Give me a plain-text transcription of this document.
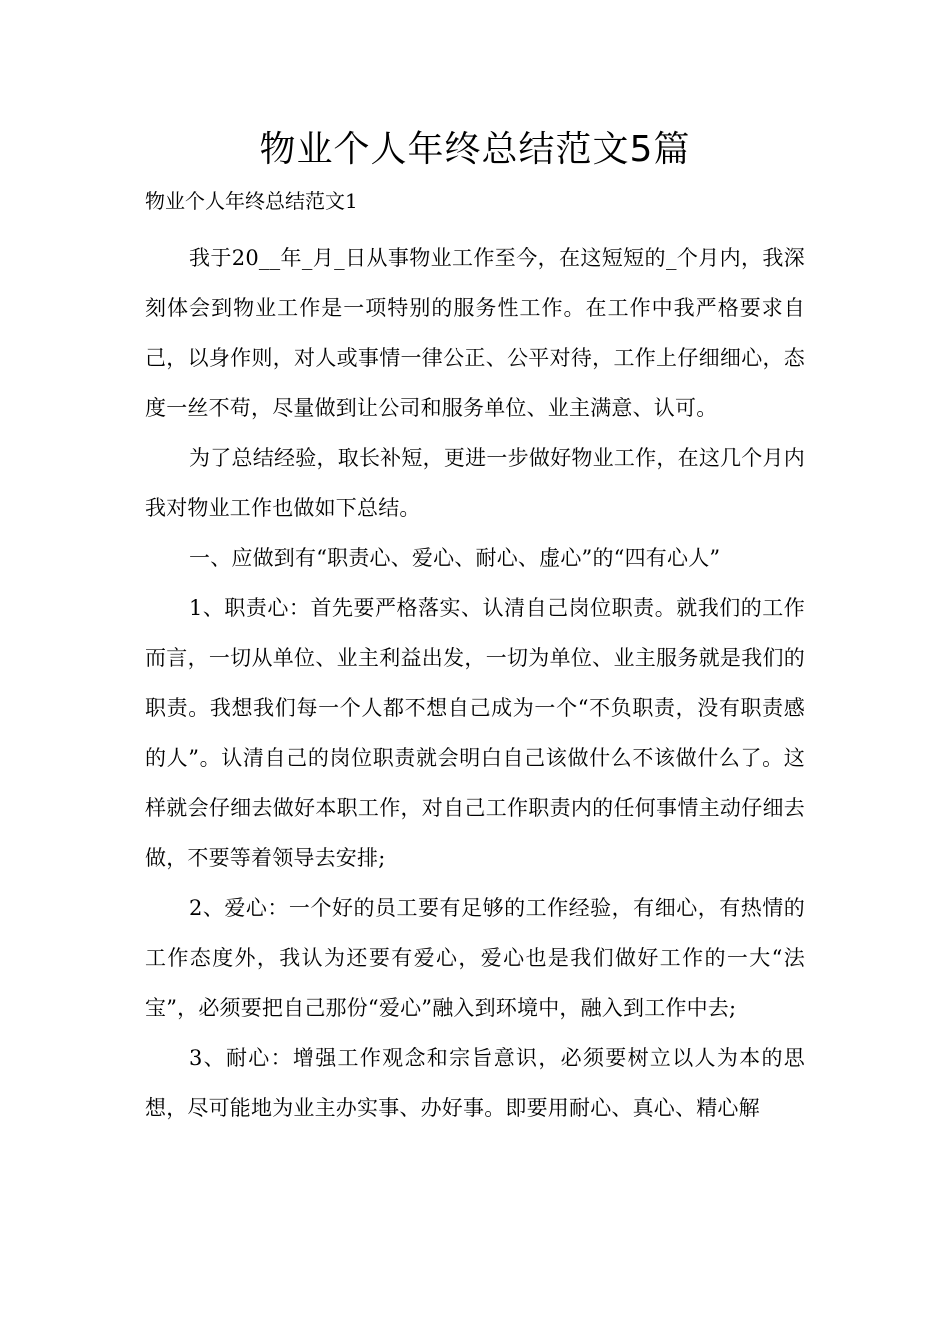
物业个人年终总结范文5篇

物业个人年终总结范文1

我于20__年_月_日从事物业工作至今，在这短短的_个月内，我深刻体会到物业工作是一项特别的服务性工作。在工作中我严格要求自己，以身作则，对人或事情一律公正、公平对待，工作上仔细细心，态度一丝不苟，尽量做到让公司和服务单位、业主满意、认可。

为了总结经验，取长补短，更进一步做好物业工作，在这几个月内我对物业工作也做如下总结。

一、应做到有“职责心、爱心、耐心、虚心”的“四有心人”

1、职责心：首先要严格落实、认清自己岗位职责。就我们的工作而言，一切从单位、业主利益出发，一切为单位、业主服务就是我们的职责。我想我们每一个人都不想自己成为一个“不负职责，没有职责感的人”。认清自己的岗位职责就会明白自己该做什么不该做什么了。这样就会仔细去做好本职工作，对自己工作职责内的任何事情主动仔细去做，不要等着领导去安排;

2、爱心：一个好的员工要有足够的工作经验，有细心，有热情的工作态度外，我认为还要有爱心，爱心也是我们做好工作的一大“法宝”，必须要把自己那份“爱心”融入到环境中，融入到工作中去;

3、耐心：增强工作观念和宗旨意识，必须要树立以人为本的思想，尽可能地为业主办实事、办好事。即要用耐心、真心、精心解
